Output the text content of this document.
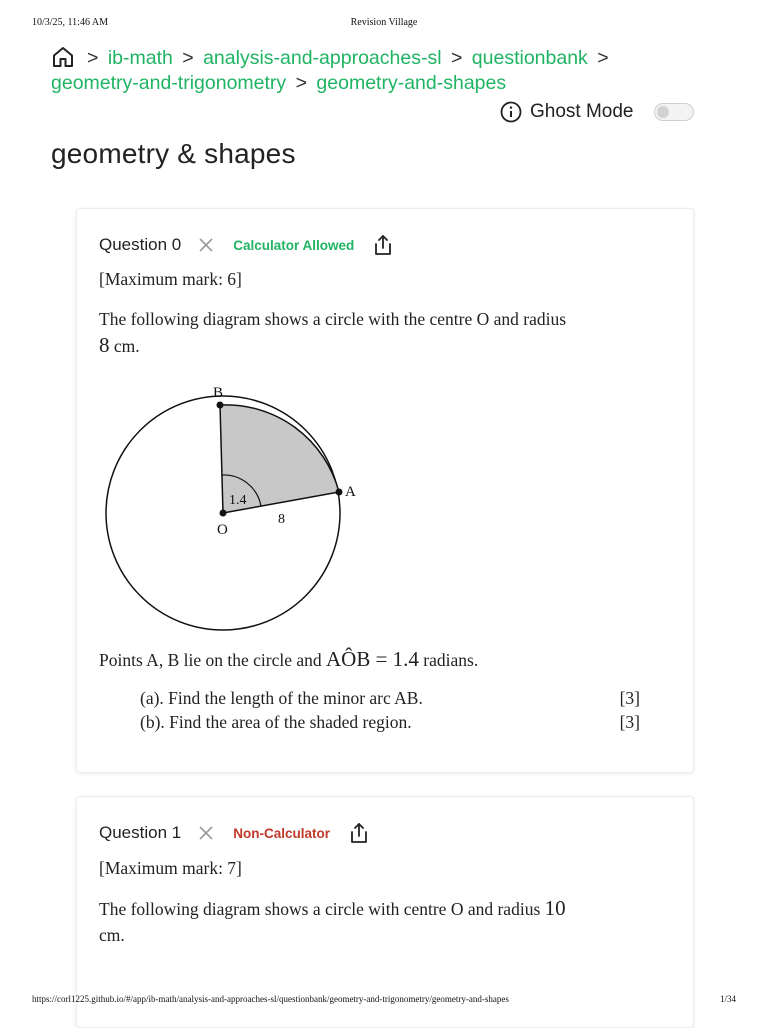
10/3/25, 11:46 AM	Revision Village
> ib-math > analysis-and-approaches-sl > questionbank > geometry-and-trigonometry > geometry-and-shapes
Ghost Mode
geometry & shapes
Question 0	Calculator Allowed
[Maximum mark: 6]
The following diagram shows a circle with the centre O and radius
8 cm.
B
A
O
1.4
8
Points A, B lie on the circle and AÔB = 1.4 radians.
(a). Find the length of the minor arc AB.	[3]
(b). Find the area of the shaded region.	[3]
Question 1	Non-Calculator
[Maximum mark: 7]
The following diagram shows a circle with centre O and radius 10
cm.
https://corl1225.github.io/#/app/ib-math/analysis-and-approaches-sl/questionbank/geometry-and-trigonometry/geometry-and-shapes	1/34
